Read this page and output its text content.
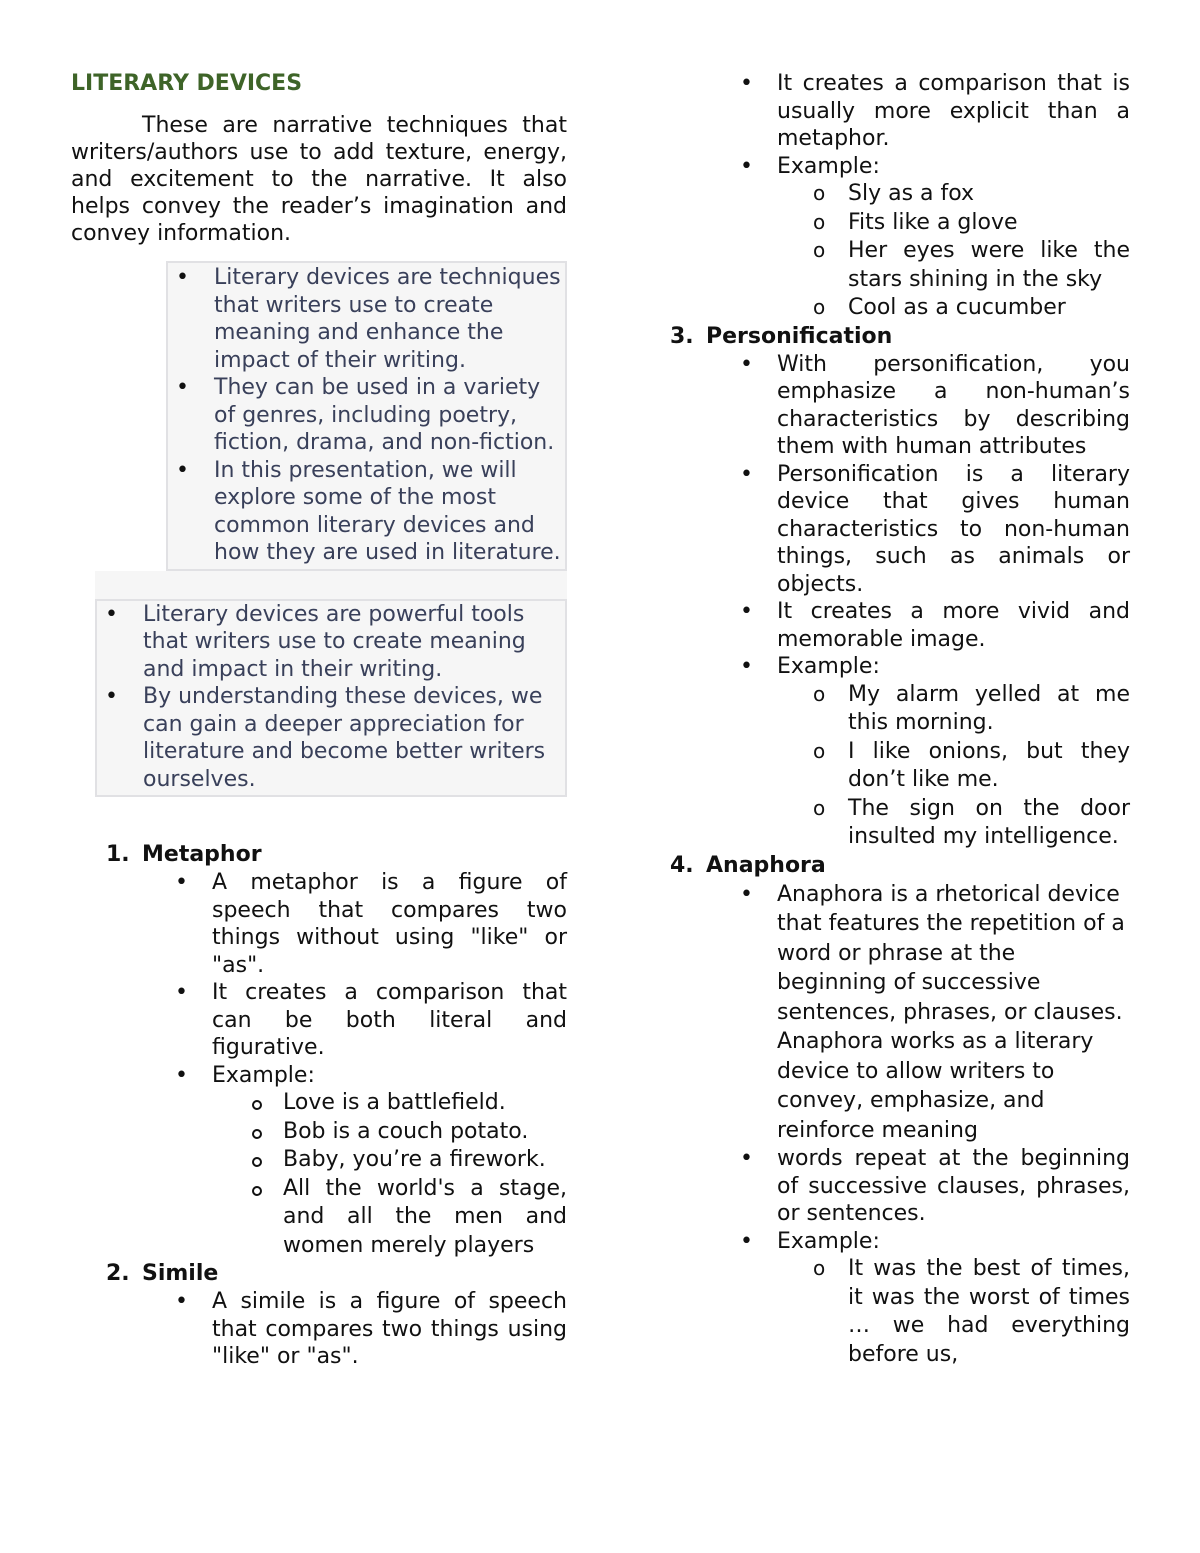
LITERARY DEVICES

These are narrative techniques that writers/authors use to add texture, energy, and excitement to the narrative. It also helps convey the reader’s imagination and convey information.

• Literary devices are techniques that writers use to create meaning and enhance the impact of their writing.
• They can be used in a variety of genres, including poetry, fiction, drama, and non-fiction.
• In this presentation, we will explore some of the most common literary devices and how they are used in literature.
• Literary devices are powerful tools that writers use to create meaning and impact in their writing.
• By understanding these devices, we can gain a deeper appreciation for literature and become better writers ourselves.
1. Metaphor
• A metaphor is a figure of speech that compares two things without using "like" or "as".
• It creates a comparison that can be both literal and figurative.
• Example:
Love is a battlefield.
Bob is a couch potato.
Baby, you’re a firework.
All the world's a stage, and all the men and women merely players
2. Simile
• A simile is a figure of speech that compares two things using "like" or "as".
• It creates a comparison that is usually more explicit than a metaphor.
• Example:
o Sly as a fox
o Fits like a glove
o Her eyes were like the stars shining in the sky
o Cool as a cucumber
3. Personification
• With personification, you emphasize a non-human’s characteristics by describing them with human attributes
• Personification is a literary device that gives human characteristics to non-human things, such as animals or objects.
• It creates a more vivid and memorable image.
• Example:
o My alarm yelled at me this morning.
o I like onions, but they don’t like me.
o The sign on the door insulted my intelligence.
4. Anaphora
• Anaphora is a rhetorical device that features the repetition of a word or phrase at the beginning of successive sentences, phrases, or clauses. Anaphora works as a literary device to allow writers to convey, emphasize, and reinforce meaning
• words repeat at the beginning of successive clauses, phrases, or sentences.
• Example:
o It was the best of times, it was the worst of times … we had everything before us,
